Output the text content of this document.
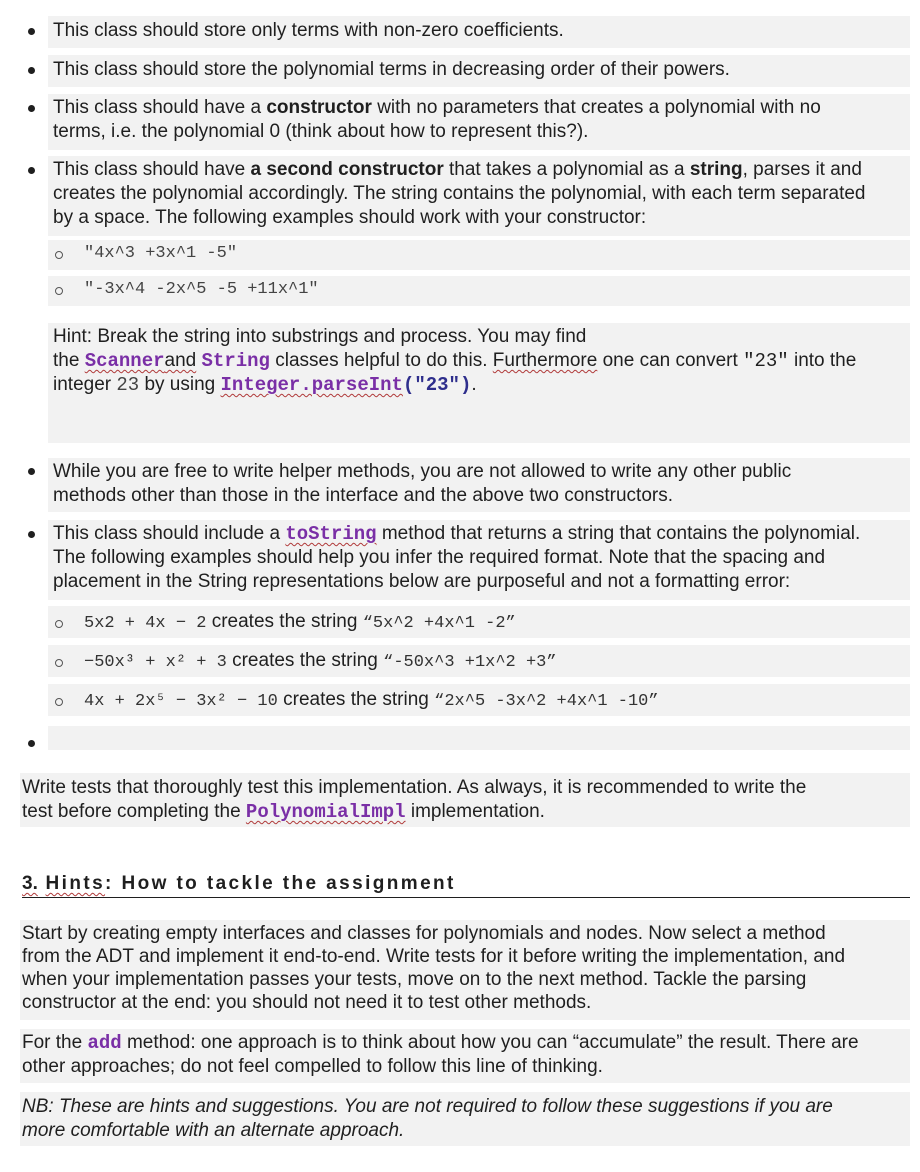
This class should store only terms with non-zero coefficients.
This class should store the polynomial terms in decreasing order of their powers.
This class should have a constructor with no parameters that creates a polynomial with no
terms, i.e. the polynomial 0 (think about how to represent this?).
This class should have a second constructor that takes a polynomial as a string, parses it and
creates the polynomial accordingly. The string contains the polynomial, with each term separated
by a space. The following examples should work with your constructor:
"4x^3 +3x^1 -5"
"-3x^4 -2x^5 -5 +11x^1"
Hint: Break the string into substrings and process. You may find
the Scannerand String classes helpful to do this. Furthermore one can convert "23" into the
integer 23 by using Integer.parseInt("23").
While you are free to write helper methods, you are not allowed to write any other public
methods other than those in the interface and the above two constructors.
This class should include a toString method that returns a string that contains the polynomial.
The following examples should help you infer the required format. Note that the spacing and
placement in the String representations below are purposeful and not a formatting error:
5x2 + 4x − 2 creates the string “5x^2 +4x^1 -2”
−50x³ + x² + 3 creates the string “-50x^3 +1x^2 +3”
4x + 2x⁵ − 3x² − 10 creates the string “2x^5 -3x^2 +4x^1 -10”
Write tests that thoroughly test this implementation. As always, it is recommended to write the
test before completing the PolynomialImpl implementation.
3. Hints: How to tackle the assignment
Start by creating empty interfaces and classes for polynomials and nodes. Now select a method
from the ADT and implement it end-to-end. Write tests for it before writing the implementation, and
when your implementation passes your tests, move on to the next method. Tackle the parsing
constructor at the end: you should not need it to test other methods.
For the add method: one approach is to think about how you can “accumulate” the result. There are
other approaches; do not feel compelled to follow this line of thinking.
NB: These are hints and suggestions. You are not required to follow these suggestions if you are
more comfortable with an alternate approach.
